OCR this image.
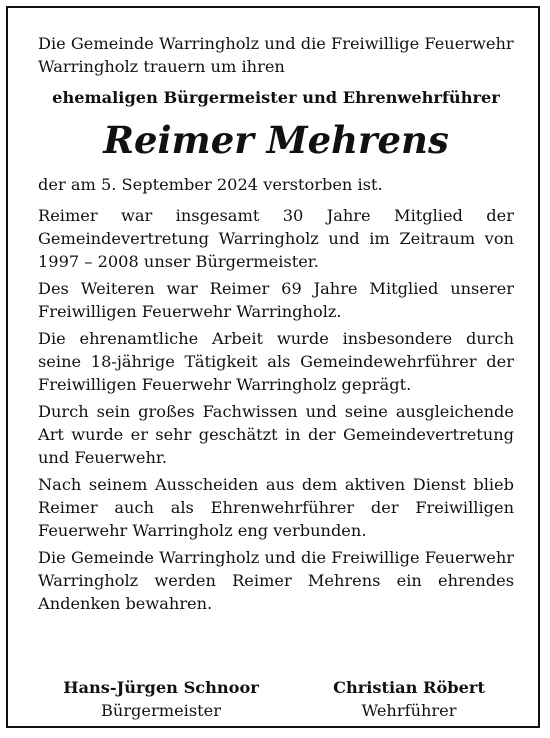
Die Gemeinde Warringholz und die Freiwillige Feuerwehr Warringholz trauern um ihren

ehemaligen Bürgermeister und Ehrenwehrführer

Reimer Mehrens

der am 5. September 2024 verstorben ist.

Reimer war insgesamt 30 Jahre Mitglied der Gemeindevertretung Warringholz und im Zeitraum von 1997 – 2008 unser Bürgermeister.

Des Weiteren war Reimer 69 Jahre Mitglied unserer Freiwilligen Feuerwehr Warringholz.

Die ehrenamtliche Arbeit wurde insbesondere durch seine 18-jährige Tätigkeit als Gemeindewehrführer der Freiwilligen Feuerwehr Warringholz geprägt.

Durch sein großes Fachwissen und seine ausgleichende Art wurde er sehr geschätzt in der Gemeindevertretung und Feuerwehr.

Nach seinem Ausscheiden aus dem aktiven Dienst blieb Reimer auch als Ehrenwehrführer der Freiwilligen Feuerwehr Warringholz eng verbunden.

Die Gemeinde Warringholz und die Freiwillige Feuerwehr Warringholz werden Reimer Mehrens ein ehrendes Andenken bewahren.

Hans-Jürgen Schnoor
Bürgermeister
Christian Röbert
Wehrführer
